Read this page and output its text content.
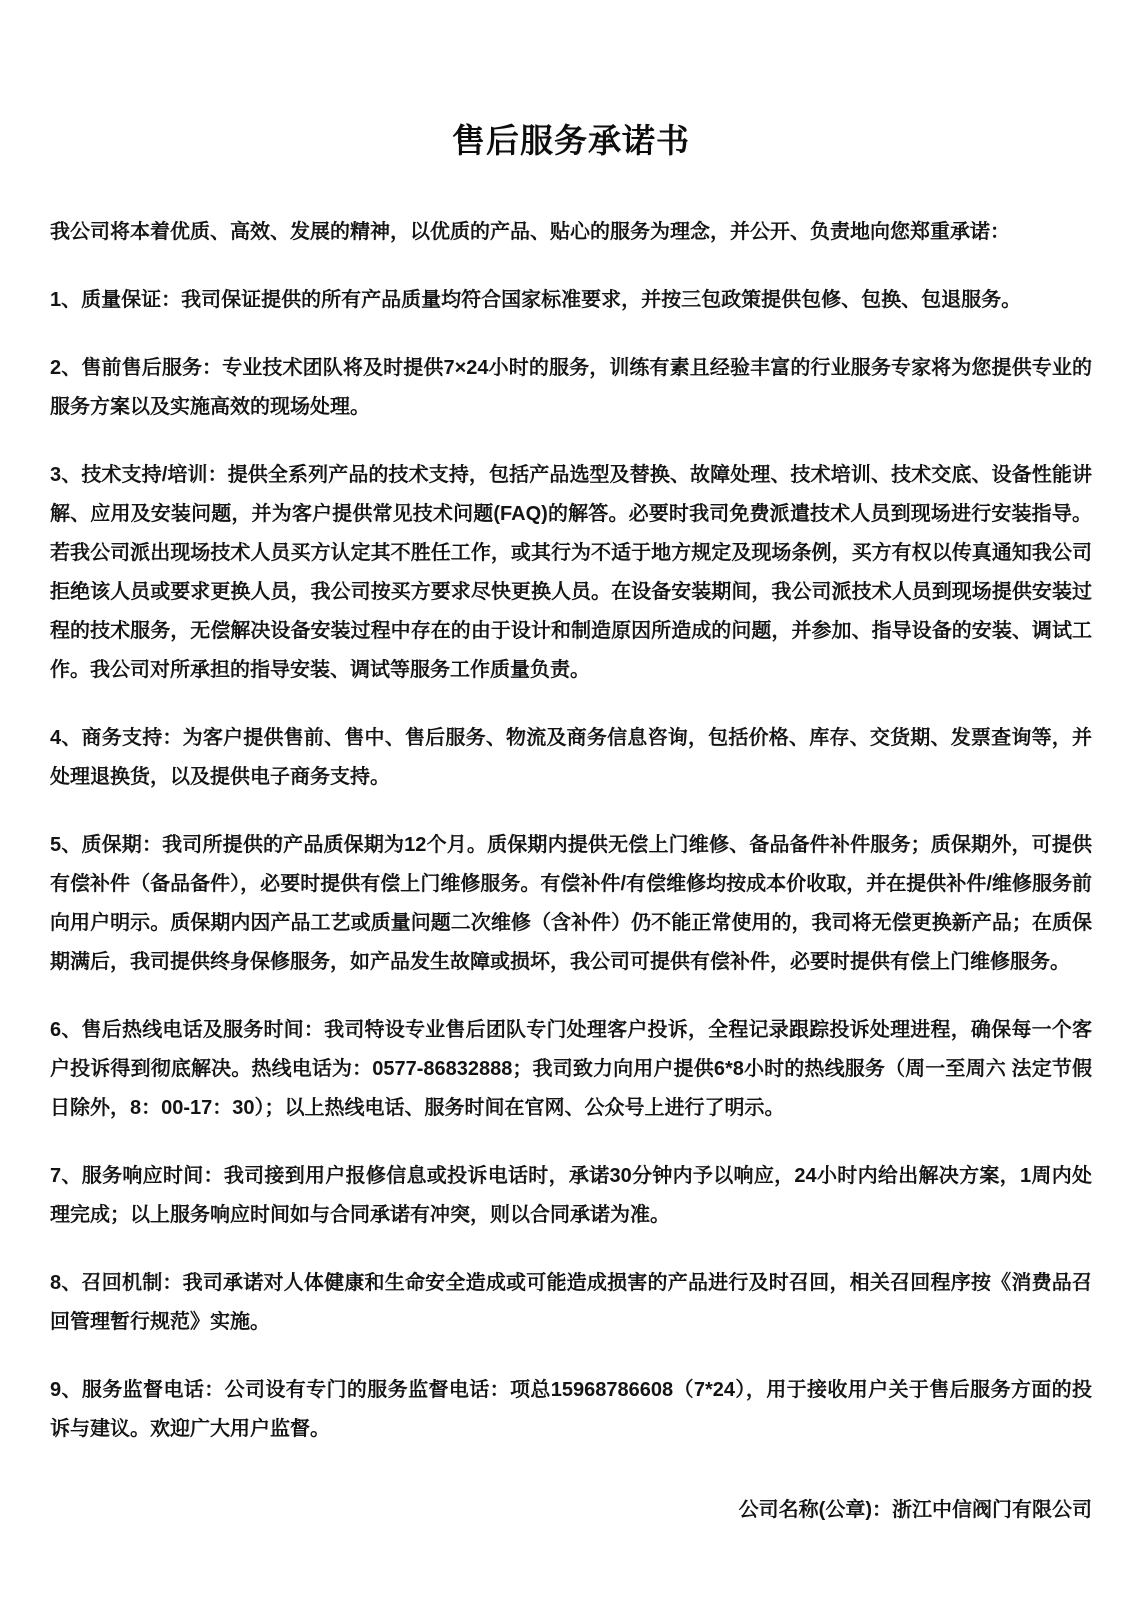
售后服务承诺书

我公司将本着优质、高效、发展的精神，以优质的产品、贴心的服务为理念，并公开、负责地向您郑重承诺：

1、质量保证：我司保证提供的所有产品质量均符合国家标准要求，并按三包政策提供包修、包换、包退服务。

2、售前售后服务：专业技术团队将及时提供7×24小时的服务，训练有素且经验丰富的行业服务专家将为您提供专业的服务方案以及实施高效的现场处理。

3、技术支持/培训：提供全系列产品的技术支持，包括产品选型及替换、故障处理、技术培训、技术交底、设备性能讲解、应用及安装问题，并为客户提供常见技术问题(FAQ)的解答。必要时我司免费派遣技术人员到现场进行安装指导。若我公司派出现场技术人员买方认定其不胜任工作，或其行为不适于地方规定及现场条例，买方有权以传真通知我公司拒绝该人员或要求更换人员，我公司按买方要求尽快更换人员。在设备安装期间，我公司派技术人员到现场提供安装过程的技术服务，无偿解决设备安装过程中存在的由于设计和制造原因所造成的问题，并参加、指导设备的安装、调试工作。我公司对所承担的指导安装、调试等服务工作质量负责。

4、商务支持：为客户提供售前、售中、售后服务、物流及商务信息咨询，包括价格、库存、交货期、发票查询等，并处理退换货，以及提供电子商务支持。

5、质保期：我司所提供的产品质保期为12个月。质保期内提供无偿上门维修、备品备件补件服务；质保期外，可提供有偿补件（备品备件），必要时提供有偿上门维修服务。有偿补件/有偿维修均按成本价收取，并在提供补件/维修服务前向用户明示。质保期内因产品工艺或质量问题二次维修（含补件）仍不能正常使用的，我司将无偿更换新产品；在质保期满后，我司提供终身保修服务，如产品发生故障或损坏，我公司可提供有偿补件，必要时提供有偿上门维修服务。

6、售后热线电话及服务时间：我司特设专业售后团队专门处理客户投诉，全程记录跟踪投诉处理进程，确保每一个客户投诉得到彻底解决。热线电话为：0577-86832888；我司致力向用户提供6*8小时的热线服务（周一至周六 法定节假日除外，8：00-17：30）；以上热线电话、服务时间在官网、公众号上进行了明示。

7、服务响应时间：我司接到用户报修信息或投诉电话时，承诺30分钟内予以响应，24小时内给出解决方案，1周内处理完成；以上服务响应时间如与合同承诺有冲突，则以合同承诺为准。

8、召回机制：我司承诺对人体健康和生命安全造成或可能造成损害的产品进行及时召回，相关召回程序按《消费品召回管理暂行规范》实施。

9、服务监督电话：公司设有专门的服务监督电话：项总15968786608（7*24），用于接收用户关于售后服务方面的投诉与建议。欢迎广大用户监督。

公司名称(公章)：浙江中信阀门有限公司
